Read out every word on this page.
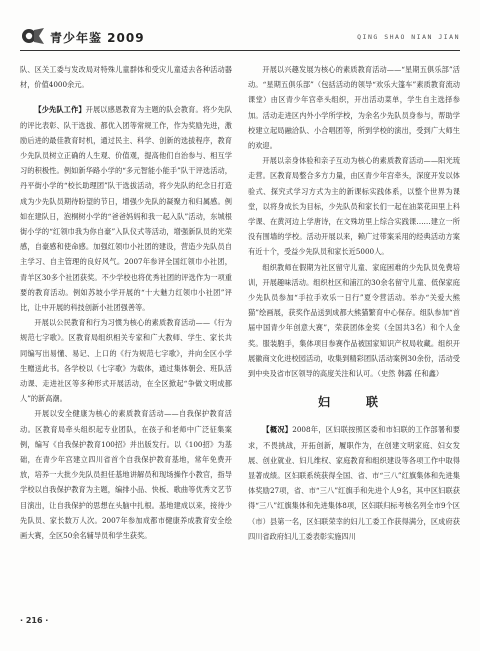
青少年鉴 2009	QING SHAO NIAN JIAN

队、区关工委与发改局对特殊儿童群体和受灾儿童适去各种活动器材，价值4000余元。

【少先队工作】开展以感恩教育为主题的队会教育。将少先队的评比表彰、队干选拔、都优入团等常规工作，作为奖励先进，激励后进的最佳教育时机，通过民主、科学、创新的选拔程序，教育少先队员树立正确的人生观、价值观，提高他们自治参与、相互学习的积极性。例如新华路小学的“多元智能小能手”队干评选活动，丹平街小学的“校长助理团”队干选拔活动，将少先队的纪念日打造成为少先队员期待盼望的节日，增强少先队的凝聚力和归属感。例如在建队日，泡桐树小学的“爸爸妈妈和我一起入队”活动，东城根街小学的“红领巾我为你自豪”入队仪式等活动，增强新队员的光荣感，自豪感和使命感。加强红领巾小社团的建设，营造少先队员自主学习、自主管理的良好风气。2007年参评全国红领巾小社团，青羊区30多个社团获奖。不少学校也将优秀社团的评选作为一项重要的教育活动。例如苏坡小学开展的“十大魅力红领巾小社团”评比，让中开展的科技创新小社团强善等。

开展以公民教育和行为习惯为核心的素质教育活动——《行为规范七字歌》。区教育局组织相关专家和广大教师、学生、家长共同编写出易懂、易记、上口的《行为规范七字歌》，并向全区小学生赠送此书。各学校以《七字歌》为载体，通过集体朝会、班队活动课、走进社区等多种形式开展活动，在全区掀起“争做文明成都人”的新高潮。

开展以安全健康为核心的素质教育活动——自我保护教育活动。区教育局牵头组织起专业团队，在孩子和老师中广泛征集案例，编写《自我保护教育100招》并出版发行。以《100招》为基础，在青少年宫建立四川省首个自我保护教育基地，常年免费开放，培养一大批少先队员担任基地讲解员和现场操作小教官，指导学校以自我保护教育为主题，编排小品、快板、歌曲等优秀文艺节目演出，让自我保护的思想在头脑中扎根。基地建成以来，接待少先队员、家长数万人次。2007年参加成都市健康养成教育安全绘画大赛，全区50余名辅导员和学生获奖。

开展以兴趣发展为核心的素质教育活动——“星期五俱乐部”活动。“星期五俱乐部”（包括活动的领导“欢乐大篷车”素质教育流动课堂）由区青少年宫牵头组织，开出活动菜单，学生自主选择参加。活动走进区内外小学所学校，为余名少先队员身参与，帮助学校建立起局融洽队、小合唱团等，所到学校的演出，受到广大师生的欢迎。

开展以亲身体验和亲子互动为核心的素质教育活动——阳光琉走营。区教育局整合多方力量，由区青少年宫牵头，深度开发以体验式、探究式学习方式为主的新课标实践体系，以整个世界为课堂，以将身成长为目标，少先队员和家长们一起在油菜花田里上科学课、在黄河边上学唐诗，在文殊坊里上综合实践课……建立一所没有围墙的学校。活动开展以来，赖广过带案采用的经典活动方案有近十个，受益少先队员和家长近5000人。

组织教师在假期为社区留守儿童、家庭困难的少先队员免费培训，开展趣味活动。组织杜区和浦江的30余名留守儿童、低保家庭少先队员参加“手拉手欢乐一日行”夏令营活动。举办“关爱大熊猫”绘画展，获奖作品送到成都大熊猫繁育中心保存。组队参加“首届中国青少年创意大赛”，荣获团体金奖（全国共3名）和个人金奖。服装胞手，集体项目参赛作品被国家知识产权局收藏。组织开展徽商文化进校园活动，收集到精彩团队活动案例30余份，活动受到中央及省市区领导的高度关注和认可。（史然 韩露 任和鑫）

妇　联

【概况】2008年，区妇联按照区委和市妇联的工作部署和要求，不畏挑战，开拓创新，履职作为，在创建文明家庭、妇女发展、创业就业、妇儿维权、家庭教育和组织建设等各项工作中取得显著成绩。区妇联系统获得全国、省、市“三八”红旗集体和先进集体奖励27项，省、市“三八”红旗手和先进个人9名，其中区妇联获得“三八”红旗集体和先进集体8项，区妇联归标考核名列全市9个区（市）县第一名，区妇联荣幸的妇儿工委工作获得满分，区成府获四川省政府妇儿工委表彰实施四川

· 216 ·
